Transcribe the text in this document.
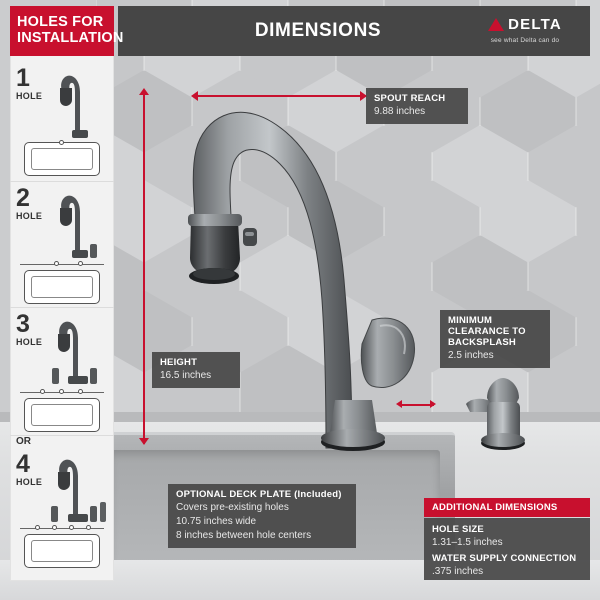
DIMENSIONS	DELTA
see what Delta can do
HOLES FOR INSTALLATION
1
HOLE
2
HOLE
3
HOLE
OR
4
HOLE
SPOUT REACH
9.88 inches
HEIGHT
16.5 inches
MINIMUM CLEARANCE TO BACKSPLASH
2.5 inches
OPTIONAL DECK PLATE (Included)
Covers pre-existing holes
10.75 inches wide
8 inches between hole centers
ADDITIONAL DIMENSIONS
HOLE SIZE
1.31–1.5 inches
WATER SUPPLY CONNECTION
.375 inches
